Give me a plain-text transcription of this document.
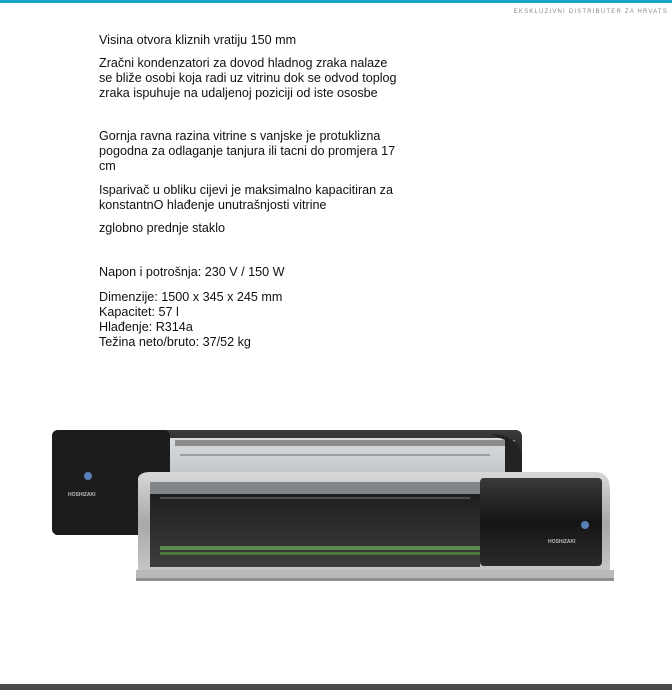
EKSKLUZIVNI DISTRIBUTER ZA HRVATS

Visina otvora kliznih vratiju 150 mm

Zračni kondenzatori za dovod hladnog zraka nalaze

se bliže osobi koja radi uz vitrinu dok se odvod toplog

zraka ispuhuje na udaljenoj poziciji od iste ososbe

Gornja ravna razina vitrine s vanjske je protuklizna

pogodna za odlaganje tanjura ili tacni do promjera 17

cm

Isparivač u obliku cijevi je maksimalno kapacitiran za

konstantnO hlađenje unutrašnjosti vitrine

zglobno prednje staklo

Napon i potrošnja: 230 V / 150 W

Dimenzije: 1500 x 345 x 245 mm

Kapacitet: 57 l

Hlađenje: R314a

Težina neto/bruto: 37/52 kg

HOSHIZAKI
HOSHIZAKI
